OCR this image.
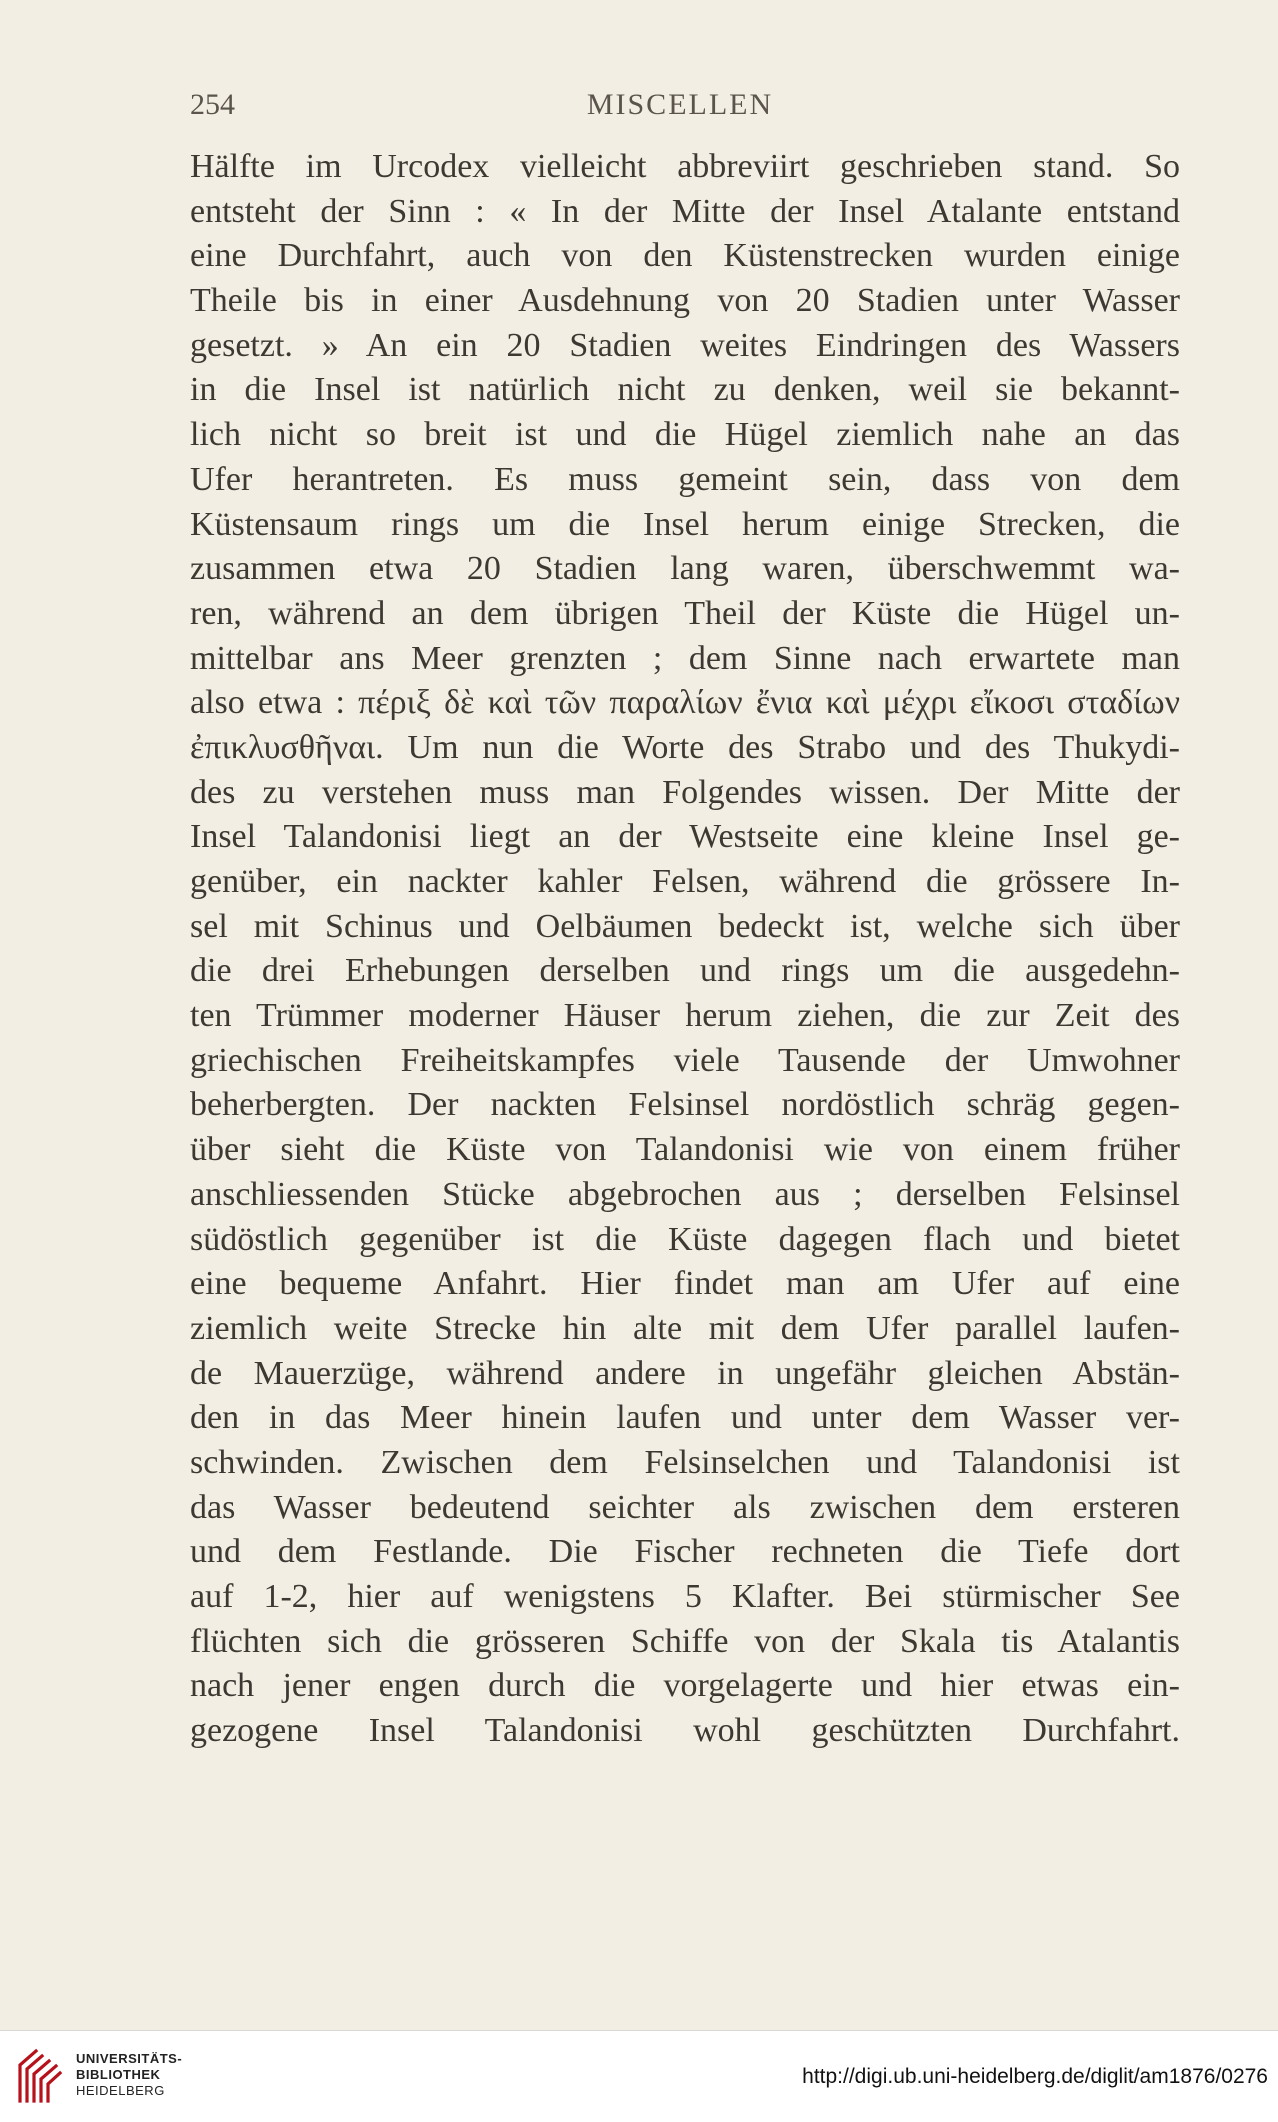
254	MISCELLEN
Hälfte im Urcodex vielleicht abbreviirt geschrieben stand. So
entsteht der Sinn : « In der Mitte der Insel Atalante entstand
eine Durchfahrt, auch von den Küstenstrecken wurden einige
Theile bis in einer Ausdehnung von 20 Stadien unter Wasser
gesetzt. » An ein 20 Stadien weites Eindringen des Wassers
in die Insel ist natürlich nicht zu denken, weil sie bekannt-
lich nicht so breit ist und die Hügel ziemlich nahe an das
Ufer herantreten. Es muss gemeint sein, dass von dem
Küstensaum rings um die Insel herum einige Strecken, die
zusammen etwa 20 Stadien lang waren, überschwemmt wa-
ren, während an dem übrigen Theil der Küste die Hügel un-
mittelbar ans Meer grenzten ; dem Sinne nach erwartete man
also etwa : πέριξ δὲ καὶ τῶν παραλίων ἔνια καὶ μέχρι εἴκοσι σταδίων
ἐπικλυσθῆναι. Um nun die Worte des Strabo und des Thukydi-
des zu verstehen muss man Folgendes wissen. Der Mitte der
Insel Talandonisi liegt an der Westseite eine kleine Insel ge-
genüber, ein nackter kahler Felsen, während die grössere In-
sel mit Schinus und Oelbäumen bedeckt ist, welche sich über
die drei Erhebungen derselben und rings um die ausgedehn-
ten Trümmer moderner Häuser herum ziehen, die zur Zeit des
griechischen Freiheitskampfes viele Tausende der Umwohner
beherbergten. Der nackten Felsinsel nordöstlich schräg gegen-
über sieht die Küste von Talandonisi wie von einem früher
anschliessenden Stücke abgebrochen aus ; derselben Felsinsel
südöstlich gegenüber ist die Küste dagegen flach und bietet
eine bequeme Anfahrt. Hier findet man am Ufer auf eine
ziemlich weite Strecke hin alte mit dem Ufer parallel laufen-
de Mauerzüge, während andere in ungefähr gleichen Abstän-
den in das Meer hinein laufen und unter dem Wasser ver-
schwinden. Zwischen dem Felsinselchen und Talandonisi ist
das Wasser bedeutend seichter als zwischen dem ersteren
und dem Festlande. Die Fischer rechneten die Tiefe dort
auf 1-2, hier auf wenigstens 5 Klafter. Bei stürmischer See
flüchten sich die grösseren Schiffe von der Skala tis Atalantis
nach jener engen durch die vorgelagerte und hier etwas ein-
gezogene Insel Talandonisi wohl geschützten Durchfahrt.
UNIVERSITÄTS-
BIBLIOTHEK
HEIDELBERG
http://digi.ub.uni-heidelberg.de/diglit/am1876/0276
